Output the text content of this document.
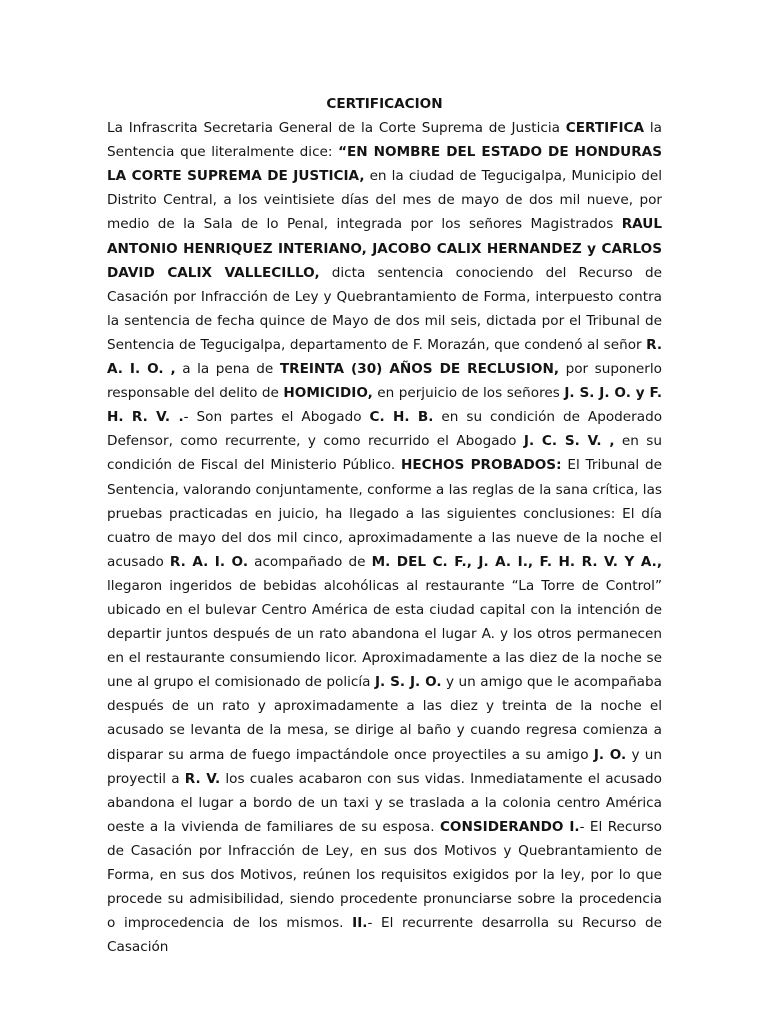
CERTIFICACION

La Infrascrita Secretaria General de la Corte Suprema de Justicia CERTIFICA la Sentencia que literalmente dice: “EN NOMBRE DEL ESTADO DE HONDURAS LA CORTE SUPREMA DE JUSTICIA, en la ciudad de Tegucigalpa, Municipio del Distrito Central, a los veintisiete días del mes de mayo de dos mil nueve, por medio de la Sala de lo Penal, integrada por los señores Magistrados RAUL ANTONIO HENRIQUEZ INTERIANO, JACOBO CALIX HERNANDEZ y CARLOS DAVID CALIX VALLECILLO, dicta sentencia conociendo del Recurso de Casación por Infracción de Ley y Quebrantamiento de Forma, interpuesto contra la sentencia de fecha quince de Mayo de dos mil seis, dictada por el Tribunal de Sentencia de Tegucigalpa, departamento de F. Morazán, que condenó al señor R. A. I. O. , a la pena de TREINTA (30) AÑOS DE RECLUSION, por suponerlo responsable del delito de HOMICIDIO, en perjuicio de los señores J. S. J. O. y F. H. R. V. .- Son partes el Abogado C. H. B. en su condición de Apoderado Defensor, como recurrente, y como recurrido el Abogado J. C. S. V. , en su condición de Fiscal del Ministerio Público. HECHOS PROBADOS: El Tribunal de Sentencia, valorando conjuntamente, conforme a las reglas de la sana crítica, las pruebas practicadas en juicio, ha llegado a las siguientes conclusiones: El día cuatro de mayo del dos mil cinco, aproximadamente a las nueve de la noche el acusado R. A. I. O. acompañado de M. DEL C. F., J. A. I., F. H. R. V. Y A., llegaron ingeridos de bebidas alcohólicas al restaurante “La Torre de Control” ubicado en el bulevar Centro América de esta ciudad capital con la intención de departir juntos después de un rato abandona el lugar A. y los otros permanecen en el restaurante consumiendo licor. Aproximadamente a las diez de la noche se une al grupo el comisionado de policía J. S. J. O. y un amigo que le acompañaba después de un rato y aproximadamente a las diez y treinta de la noche el acusado se levanta de la mesa, se dirige al baño y cuando regresa comienza a disparar su arma de fuego impactándole once proyectiles a su amigo J. O. y un proyectil a R. V. los cuales acabaron con sus vidas. Inmediatamente el acusado abandona el lugar a bordo de un taxi y se traslada a la colonia centro América oeste a la vivienda de familiares de su esposa. CONSIDERANDO I.- El Recurso de Casación por Infracción de Ley, en sus dos Motivos y Quebrantamiento de Forma, en sus dos Motivos, reúnen los requisitos exigidos por la ley, por lo que procede su admisibilidad, siendo procedente pronunciarse sobre la procedencia o improcedencia de los mismos. II.- El recurrente desarrolla su Recurso de Casación
